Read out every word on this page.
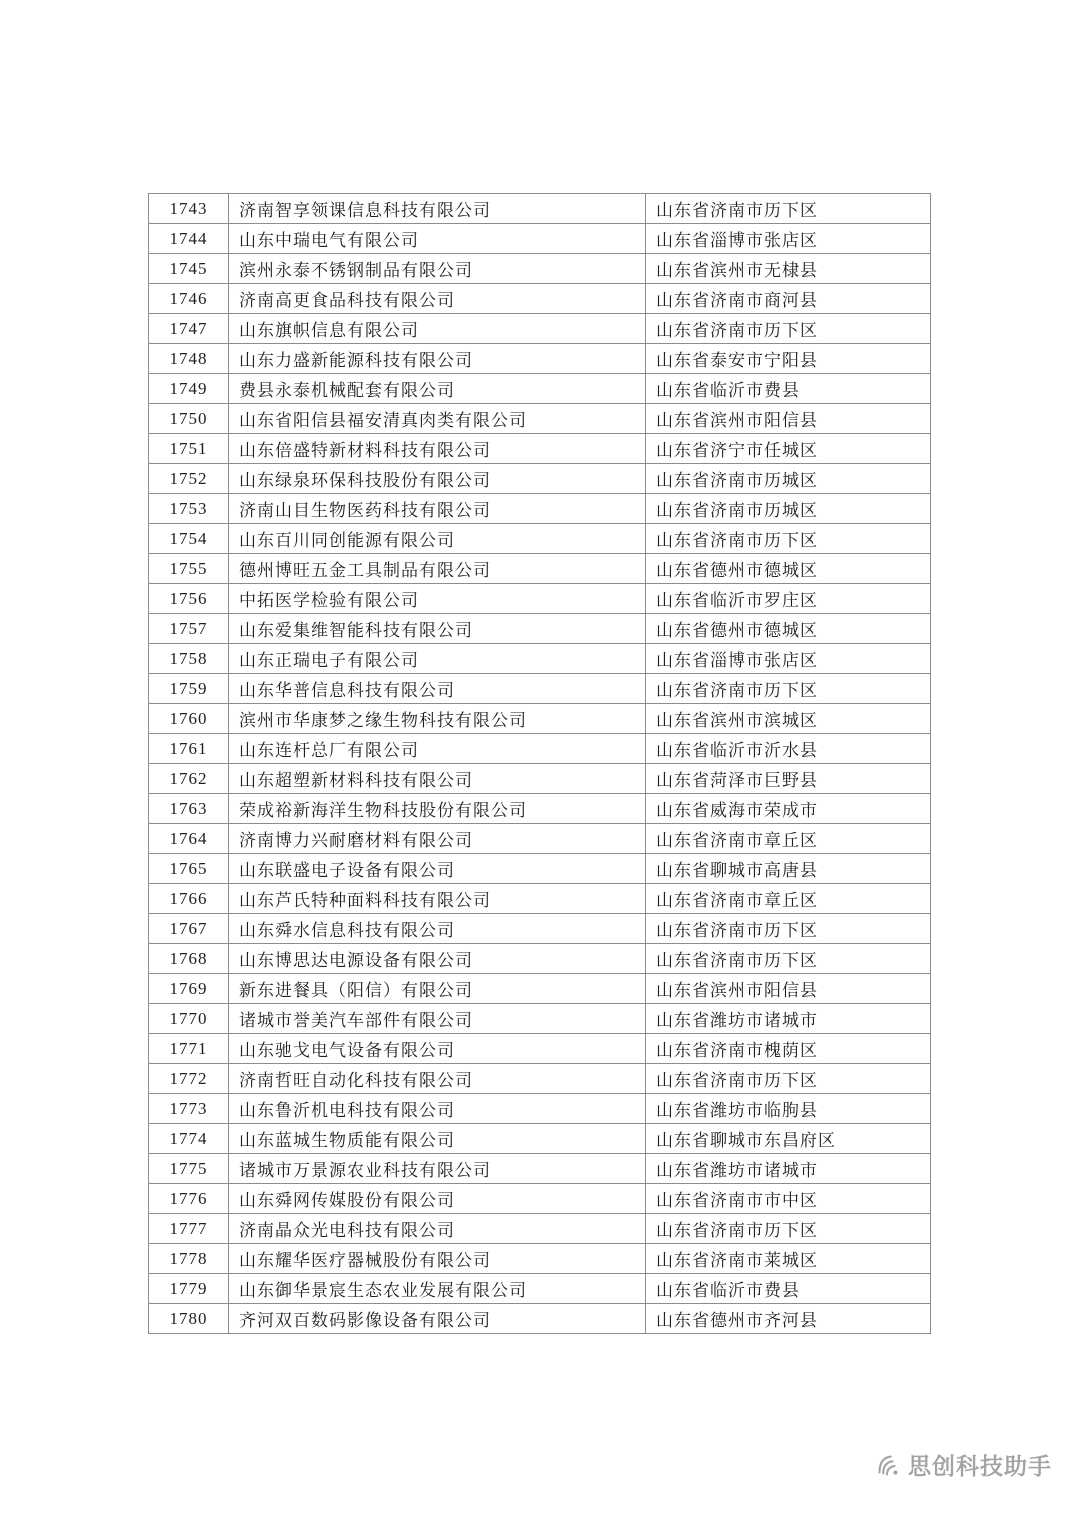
1743	济南智享领课信息科技有限公司	山东省济南市历下区
1744	山东中瑞电气有限公司	山东省淄博市张店区
1745	滨州永泰不锈钢制品有限公司	山东省滨州市无棣县
1746	济南高更食品科技有限公司	山东省济南市商河县
1747	山东旗帜信息有限公司	山东省济南市历下区
1748	山东力盛新能源科技有限公司	山东省泰安市宁阳县
1749	费县永泰机械配套有限公司	山东省临沂市费县
1750	山东省阳信县福安清真肉类有限公司	山东省滨州市阳信县
1751	山东倍盛特新材料科技有限公司	山东省济宁市任城区
1752	山东绿泉环保科技股份有限公司	山东省济南市历城区
1753	济南山目生物医药科技有限公司	山东省济南市历城区
1754	山东百川同创能源有限公司	山东省济南市历下区
1755	德州博旺五金工具制品有限公司	山东省德州市德城区
1756	中拓医学检验有限公司	山东省临沂市罗庄区
1757	山东爱集维智能科技有限公司	山东省德州市德城区
1758	山东正瑞电子有限公司	山东省淄博市张店区
1759	山东华普信息科技有限公司	山东省济南市历下区
1760	滨州市华康梦之缘生物科技有限公司	山东省滨州市滨城区
1761	山东连杆总厂有限公司	山东省临沂市沂水县
1762	山东超塑新材料科技有限公司	山东省菏泽市巨野县
1763	荣成裕新海洋生物科技股份有限公司	山东省威海市荣成市
1764	济南博力兴耐磨材料有限公司	山东省济南市章丘区
1765	山东联盛电子设备有限公司	山东省聊城市高唐县
1766	山东芦氏特种面料科技有限公司	山东省济南市章丘区
1767	山东舜水信息科技有限公司	山东省济南市历下区
1768	山东博思达电源设备有限公司	山东省济南市历下区
1769	新东进餐具（阳信）有限公司	山东省滨州市阳信县
1770	诸城市誉美汽车部件有限公司	山东省潍坊市诸城市
1771	山东驰戈电气设备有限公司	山东省济南市槐荫区
1772	济南哲旺自动化科技有限公司	山东省济南市历下区
1773	山东鲁沂机电科技有限公司	山东省潍坊市临朐县
1774	山东蓝城生物质能有限公司	山东省聊城市东昌府区
1775	诸城市万景源农业科技有限公司	山东省潍坊市诸城市
1776	山东舜网传媒股份有限公司	山东省济南市市中区
1777	济南晶众光电科技有限公司	山东省济南市历下区
1778	山东耀华医疗器械股份有限公司	山东省济南市莱城区
1779	山东御华景宸生态农业发展有限公司	山东省临沂市费县
1780	齐河双百数码影像设备有限公司	山东省德州市齐河县
思创科技助手
